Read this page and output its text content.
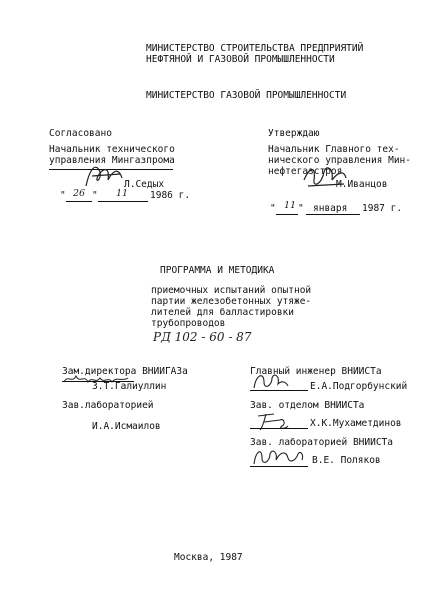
МИНИСТЕРСТВО СТРОИТЕЛЬСТВА ПРЕДПРИЯТИЙ
НЕФТЯНОЙ И ГАЗОВОЙ ПРОМЫШЛЕННОСТИ
МИНИСТЕРСТВО ГАЗОВОЙ ПРОМЫШЛЕННОСТИ
Согласовано
Начальник технического
управления Мингазпрома
Л.Седых
" 26 " 11 1986 г.
Утверждаю
Начальник Главного тех-
нического управления Мин-
нефтегазстроя
М.Иванцов
" 11 " января 1987 г.
ПРОГРАММА И МЕТОДИКА
приемочных испытаний опытной
партии железобетонных утяже-
лителей для балластировки
трубопроводов
РД 102 - 60 - 87
Зам.директора ВНИИГАЗа
З.Т.Галиуллин
Зав.лабораторией
И.А.Исмаилов
Главный инженер ВНИИСТа
Е.А.Подгорбунский
Зав. отделом ВНИИСТа
Х.К.Мухаметдинов
Зав. лабораторией ВНИИСТа
В.Е. Поляков
Москва, 1987
